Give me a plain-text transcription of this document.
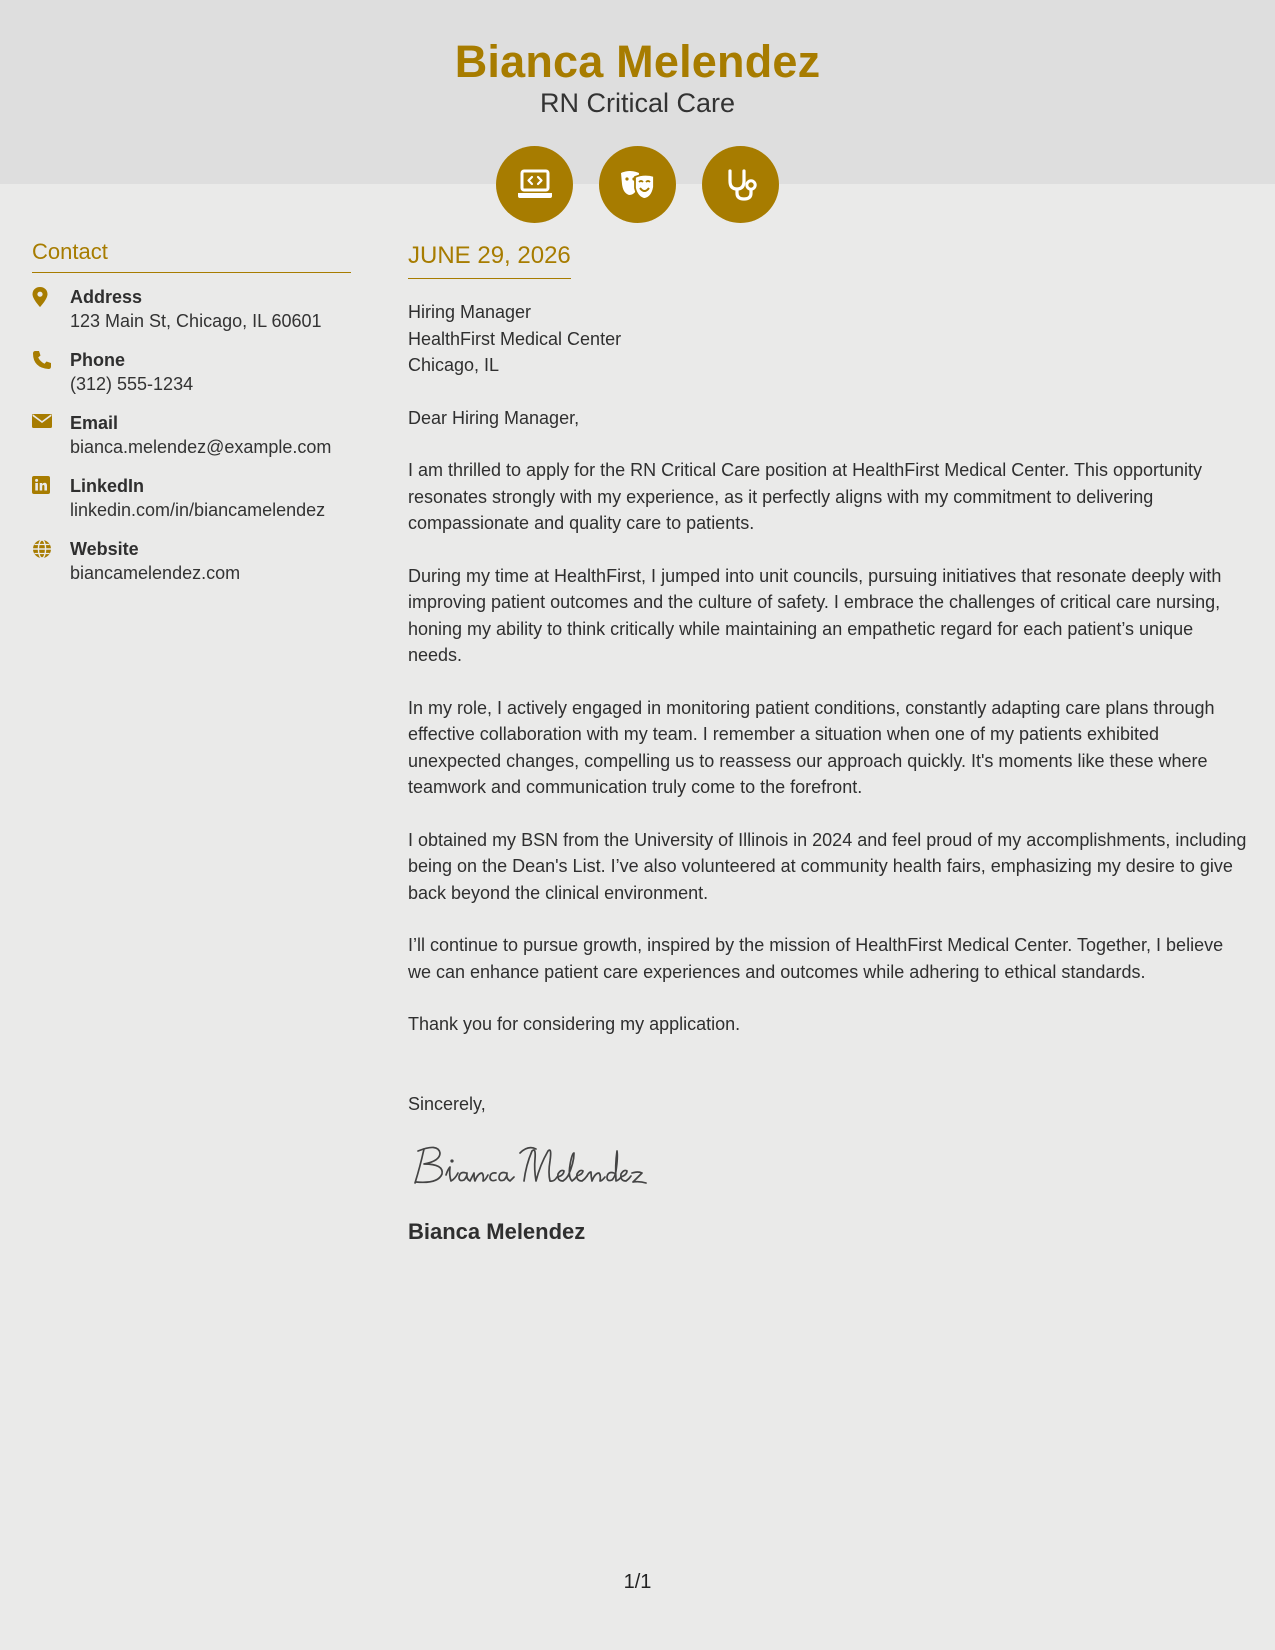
Bianca Melendez
RN Critical Care
Contact
Address
123 Main St, Chicago, IL 60601
Phone
(312) 555-1234
Email
bianca.melendez@example.com
LinkedIn
linkedin.com/in/biancamelendez
Website
biancamelendez.com
JUNE 29, 2026
Hiring Manager
HealthFirst Medical Center
Chicago, IL

Dear Hiring Manager,

I am thrilled to apply for the RN Critical Care position at HealthFirst Medical Center. This opportunity resonates strongly with my experience, as it perfectly aligns with my commitment to delivering compassionate and quality care to patients.

During my time at HealthFirst, I jumped into unit councils, pursuing initiatives that resonate deeply with improving patient outcomes and the culture of safety. I embrace the challenges of critical care nursing, honing my ability to think critically while maintaining an empathetic regard for each patient’s unique needs.

In my role, I actively engaged in monitoring patient conditions, constantly adapting care plans through effective collaboration with my team. I remember a situation when one of my patients exhibited unexpected changes, compelling us to reassess our approach quickly. It's moments like these where teamwork and communication truly come to the forefront.

I obtained my BSN from the University of Illinois in 2024 and feel proud of my accomplishments, including being on the Dean's List. I’ve also volunteered at community health fairs, emphasizing my desire to give back beyond the clinical environment.

I’ll continue to pursue growth, inspired by the mission of HealthFirst Medical Center. Together, I believe we can enhance patient care experiences and outcomes while adhering to ethical standards.

Thank you for considering my application.

Sincerely,
Bianca Melendez
1/1
